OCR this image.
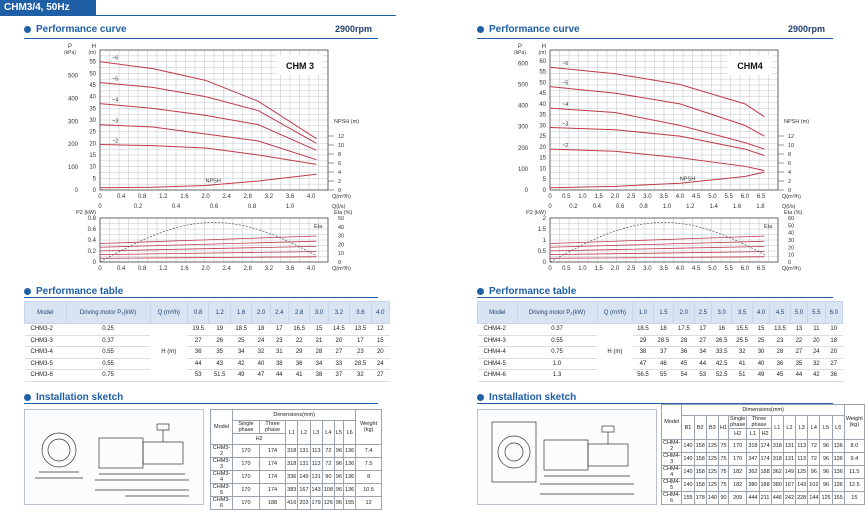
CHM3/4, 50Hz
Performance curve	2900rpm	Performance curve	2900rpm
CHM 3
0
5
10
15
20
25
30
35
40
45
50
55
H
(m)
0
100
200
300
400
500
P
(kPa)
0
2
4
6
8
10
12
NPSH (m)
0	0.4 0.8 1.2 1.6 2.0 2.4 2.8 3.2 3.6 4.0	Q(m³/h)
0	0.2	0.4	0.6	0.8	1.0	Q(l/s)
~2
~3
~4
~5
~6
NPSH
0
0.2
0.4
0.6
0.8
P2 (kW)
0
10
20
30
40
50
Eta (%)
0	0.4 0.8 1.2 1.6 2.0 2.4 2.8 3.2 3.6 4.0	Q(m³/h)
Eta
CHM4
0
5
10
15
20
25
30
35
40
45
50
55
60
H
(m)
0
100
200
300
400
500
600
P
(kPa)
0
2
4
6
8
10
12
NPSH (m)
0 0.5 1.0 1.5 2.0 2.5 3.0 3.5 4.0 4.5 5.0 5.5 6.0 6.5	Q(m³/h)
0	0.2	0.4	0.6	0.8	1.0	1.2	1.4	1.6	1.8	Q(l/s)
~2
~3
~4
~5
~6
NPSH
0
0.5
1
1.5
2
P2 (kW)
0
10
20
30
40
50
60
Eta (%)
0 0.5 1.0 1.5 2.0 2.5 3.0 3.5 4.0 4.5 5.0 5.5 6.0 6.5	Q(m³/h)
Eta
Performance table
Model	Driving motor P₂(kW)	Q (m³/h)	0.8	1.2	1.6	2.0	2.4	2.8	3.0	3.2	3.6	4.0
CHM3-2	0.25	H (m)	19.5	19	18.5	18	17	16.5	15	14.5	13.5	12
CHM3-3	0.37		27	26	25	24	23	22	21	20	17	15
CHM3-4	0.55		36	35	34	32	31	29	28	27	23	20
CHM3-5	0.55		44	43	42	40	38	36	34	33	28.5	24
CHM3-6	0.75		53	51.5	49	47	44	41	38	37	32	27
Performance table
Model	Driving motor P₂(kW)	Q (m³/h)	1.0	1.5	2.0	2.5	3.0	3.5	4.0	4.5	5.0	5.5	6.0
CHM4-2	0.37	H (m)	18.5	18	17.5	17	16	15.5	15	13.5	13	11	10
CHM4-3	0.55		29	28.5	28	27	26.5	25.5	25	23	22	20	18
CHM4-4	0.75		38	37	36	34	33.5	32	30	28	27	24	20
CHM4-5	1.0		47	46	45	44	42.5	41	40	36	35	32	27
CHM4-6	1.3		56.5	55	54	53	52.5	51	49	45	44	42	36
Installation sketch
Model	Dimensions(mm)								Weight (kg)
	Single phase	Three phase	L1	L2	L3	L4	L5	L6	
	H2								
CHM3-2	170	174	318	131	113	72	96	136	7.4
CHM3-3	170	174	318	131	113	72	96	136	7.5
CHM3-4	170	174	336	149	131	90	96	136	8
CHM3-5	170	174	383	167	143	108	96	136	10.5
CHM3-6	170	188	416	203	179	126	96	155	12
Installation sketch
Model	Dimensions(mm)													Weight (kg)
	B1	B2	B3	H1	Single phase	Three phase		L1	L2	L3	L4	L5	L6	
					H2	L1	H2							
CHM4-2	140	158	125	75	170	318	174	318	131	113	72	96	136	8.0
CHM4-3	140	158	125	75	170	347	174	318	131	113	72	96	136	9.4
CHM4-4	140	158	125	75	182	362	188	362	149	125	96	96	136	11.5
CHM4-5	140	158	125	75	182	380	188	380	167	143	102	96	136	12.5
CHM4-6	155	178	140	90	209	444	211	446	242	228	144	125	155	15
